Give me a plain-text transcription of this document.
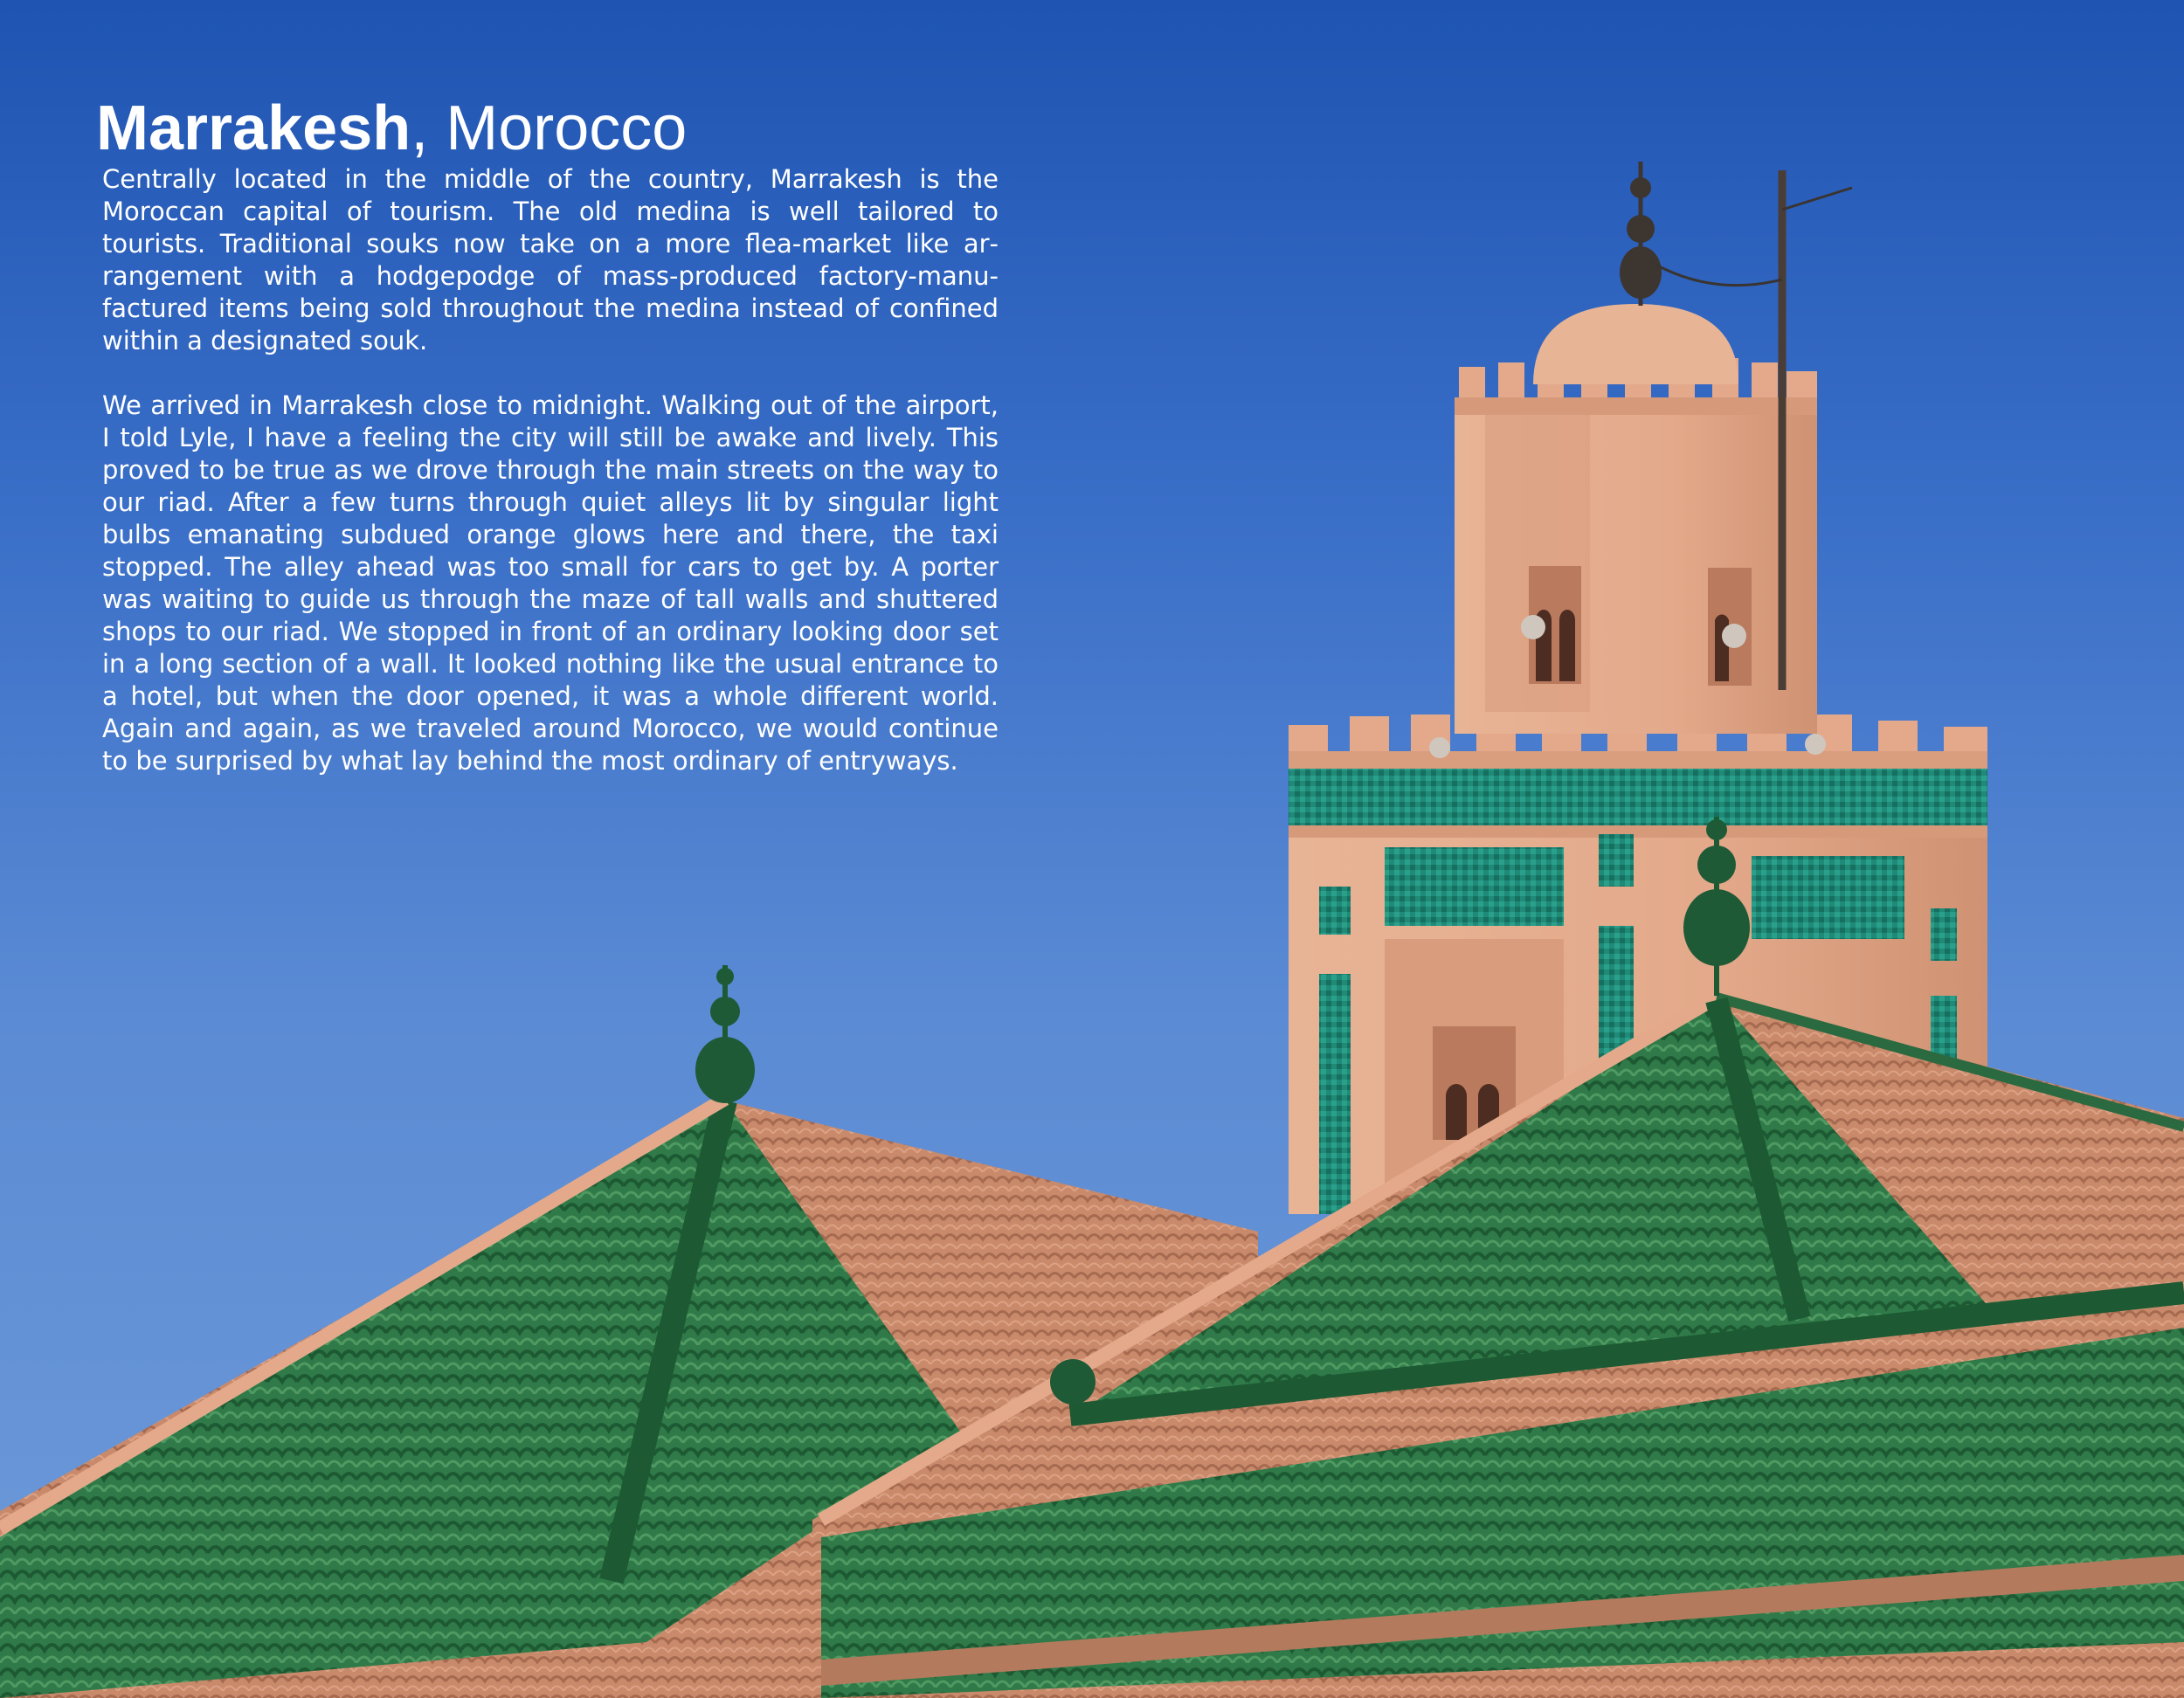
Marrakesh, Morocco

Centrally located in the middle of the country, Marrakesh is the Moroccan capital of tourism. The old medina is well tailored to tourists. Traditional souks now take on a more flea-market like arrangement with a hodgepodge of mass-produced factory-manufactured items being sold throughout the medina instead of confined within a designated souk.

We arrived in Marrakesh close to midnight. Walking out of the airport, I told Lyle, I have a feeling the city will still be awake and lively. This proved to be true as we drove through the main streets on the way to our riad. After a few turns through quiet alleys lit by singular light bulbs emanating subdued orange glows here and there, the taxi stopped. The alley ahead was too small for cars to get by. A porter was waiting to guide us through the maze of tall walls and shuttered shops to our riad. We stopped in front of an ordinary looking door set in a long section of a wall. It looked nothing like the usual entrance to a hotel, but when the door opened, it was a whole different world. Again and again, as we traveled around Morocco, we would continue to be surprised by what lay behind the most ordinary of entryways.
